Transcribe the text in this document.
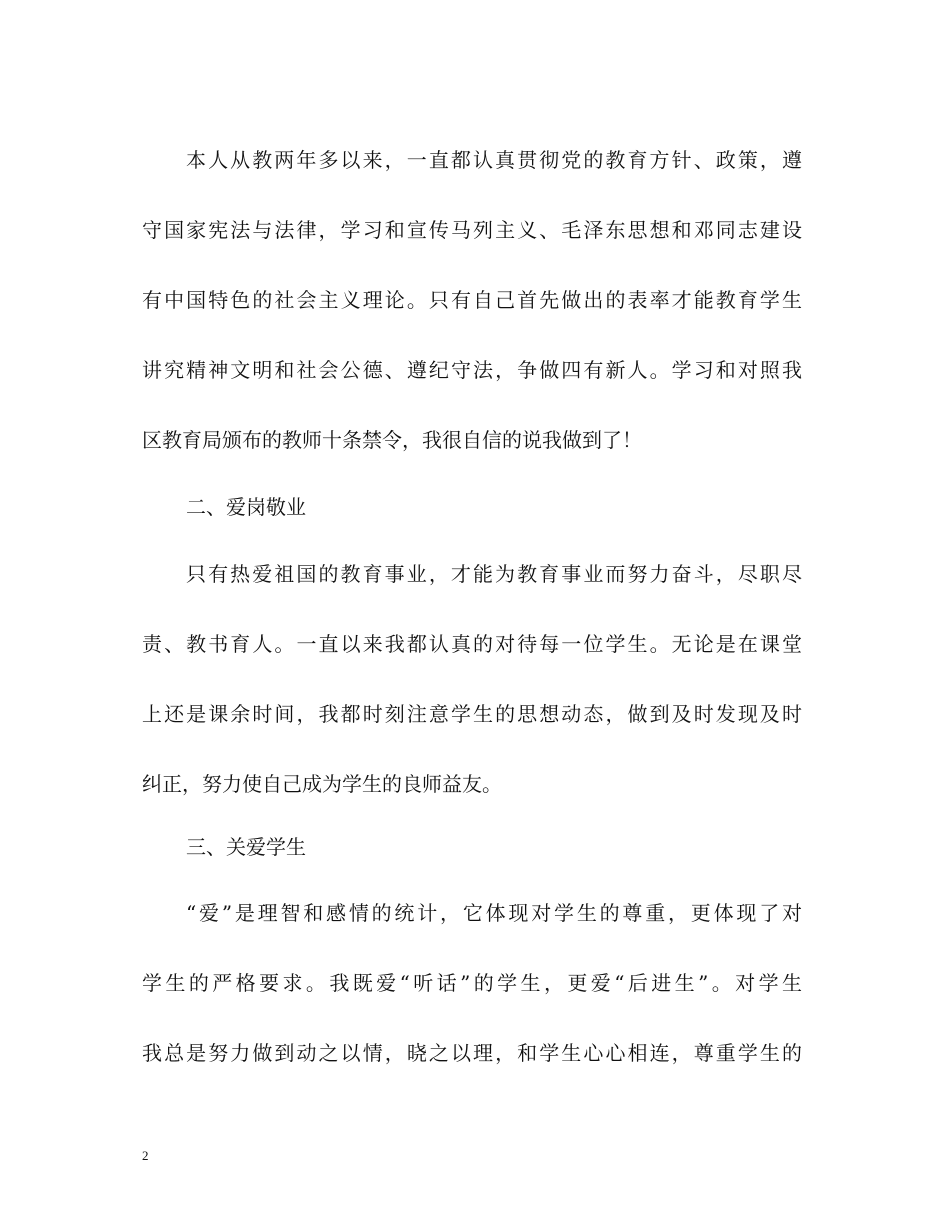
本人从教两年多以来，一直都认真贯彻党的教育方针、政策，遵
守国家宪法与法律，学习和宣传马列主义、毛泽东思想和邓同志建设
有中国特色的社会主义理论。只有自己首先做出的表率才能教育学生
讲究精神文明和社会公德、遵纪守法，争做四有新人。学习和对照我
区教育局颁布的教师十条禁令，我很自信的说我做到了！
二、爱岗敬业
只有热爱祖国的教育事业，才能为教育事业而努力奋斗，尽职尽
责、教书育人。一直以来我都认真的对待每一位学生。无论是在课堂
上还是课余时间，我都时刻注意学生的思想动态，做到及时发现及时
纠正，努力使自己成为学生的良师益友。
三、关爱学生
“爱”是理智和感情的统计，它体现对学生的尊重，更体现了对
学生的严格要求。我既爱“听话”的学生，更爱“后进生”。对学生
我总是努力做到动之以情，晓之以理，和学生心心相连，尊重学生的
2
